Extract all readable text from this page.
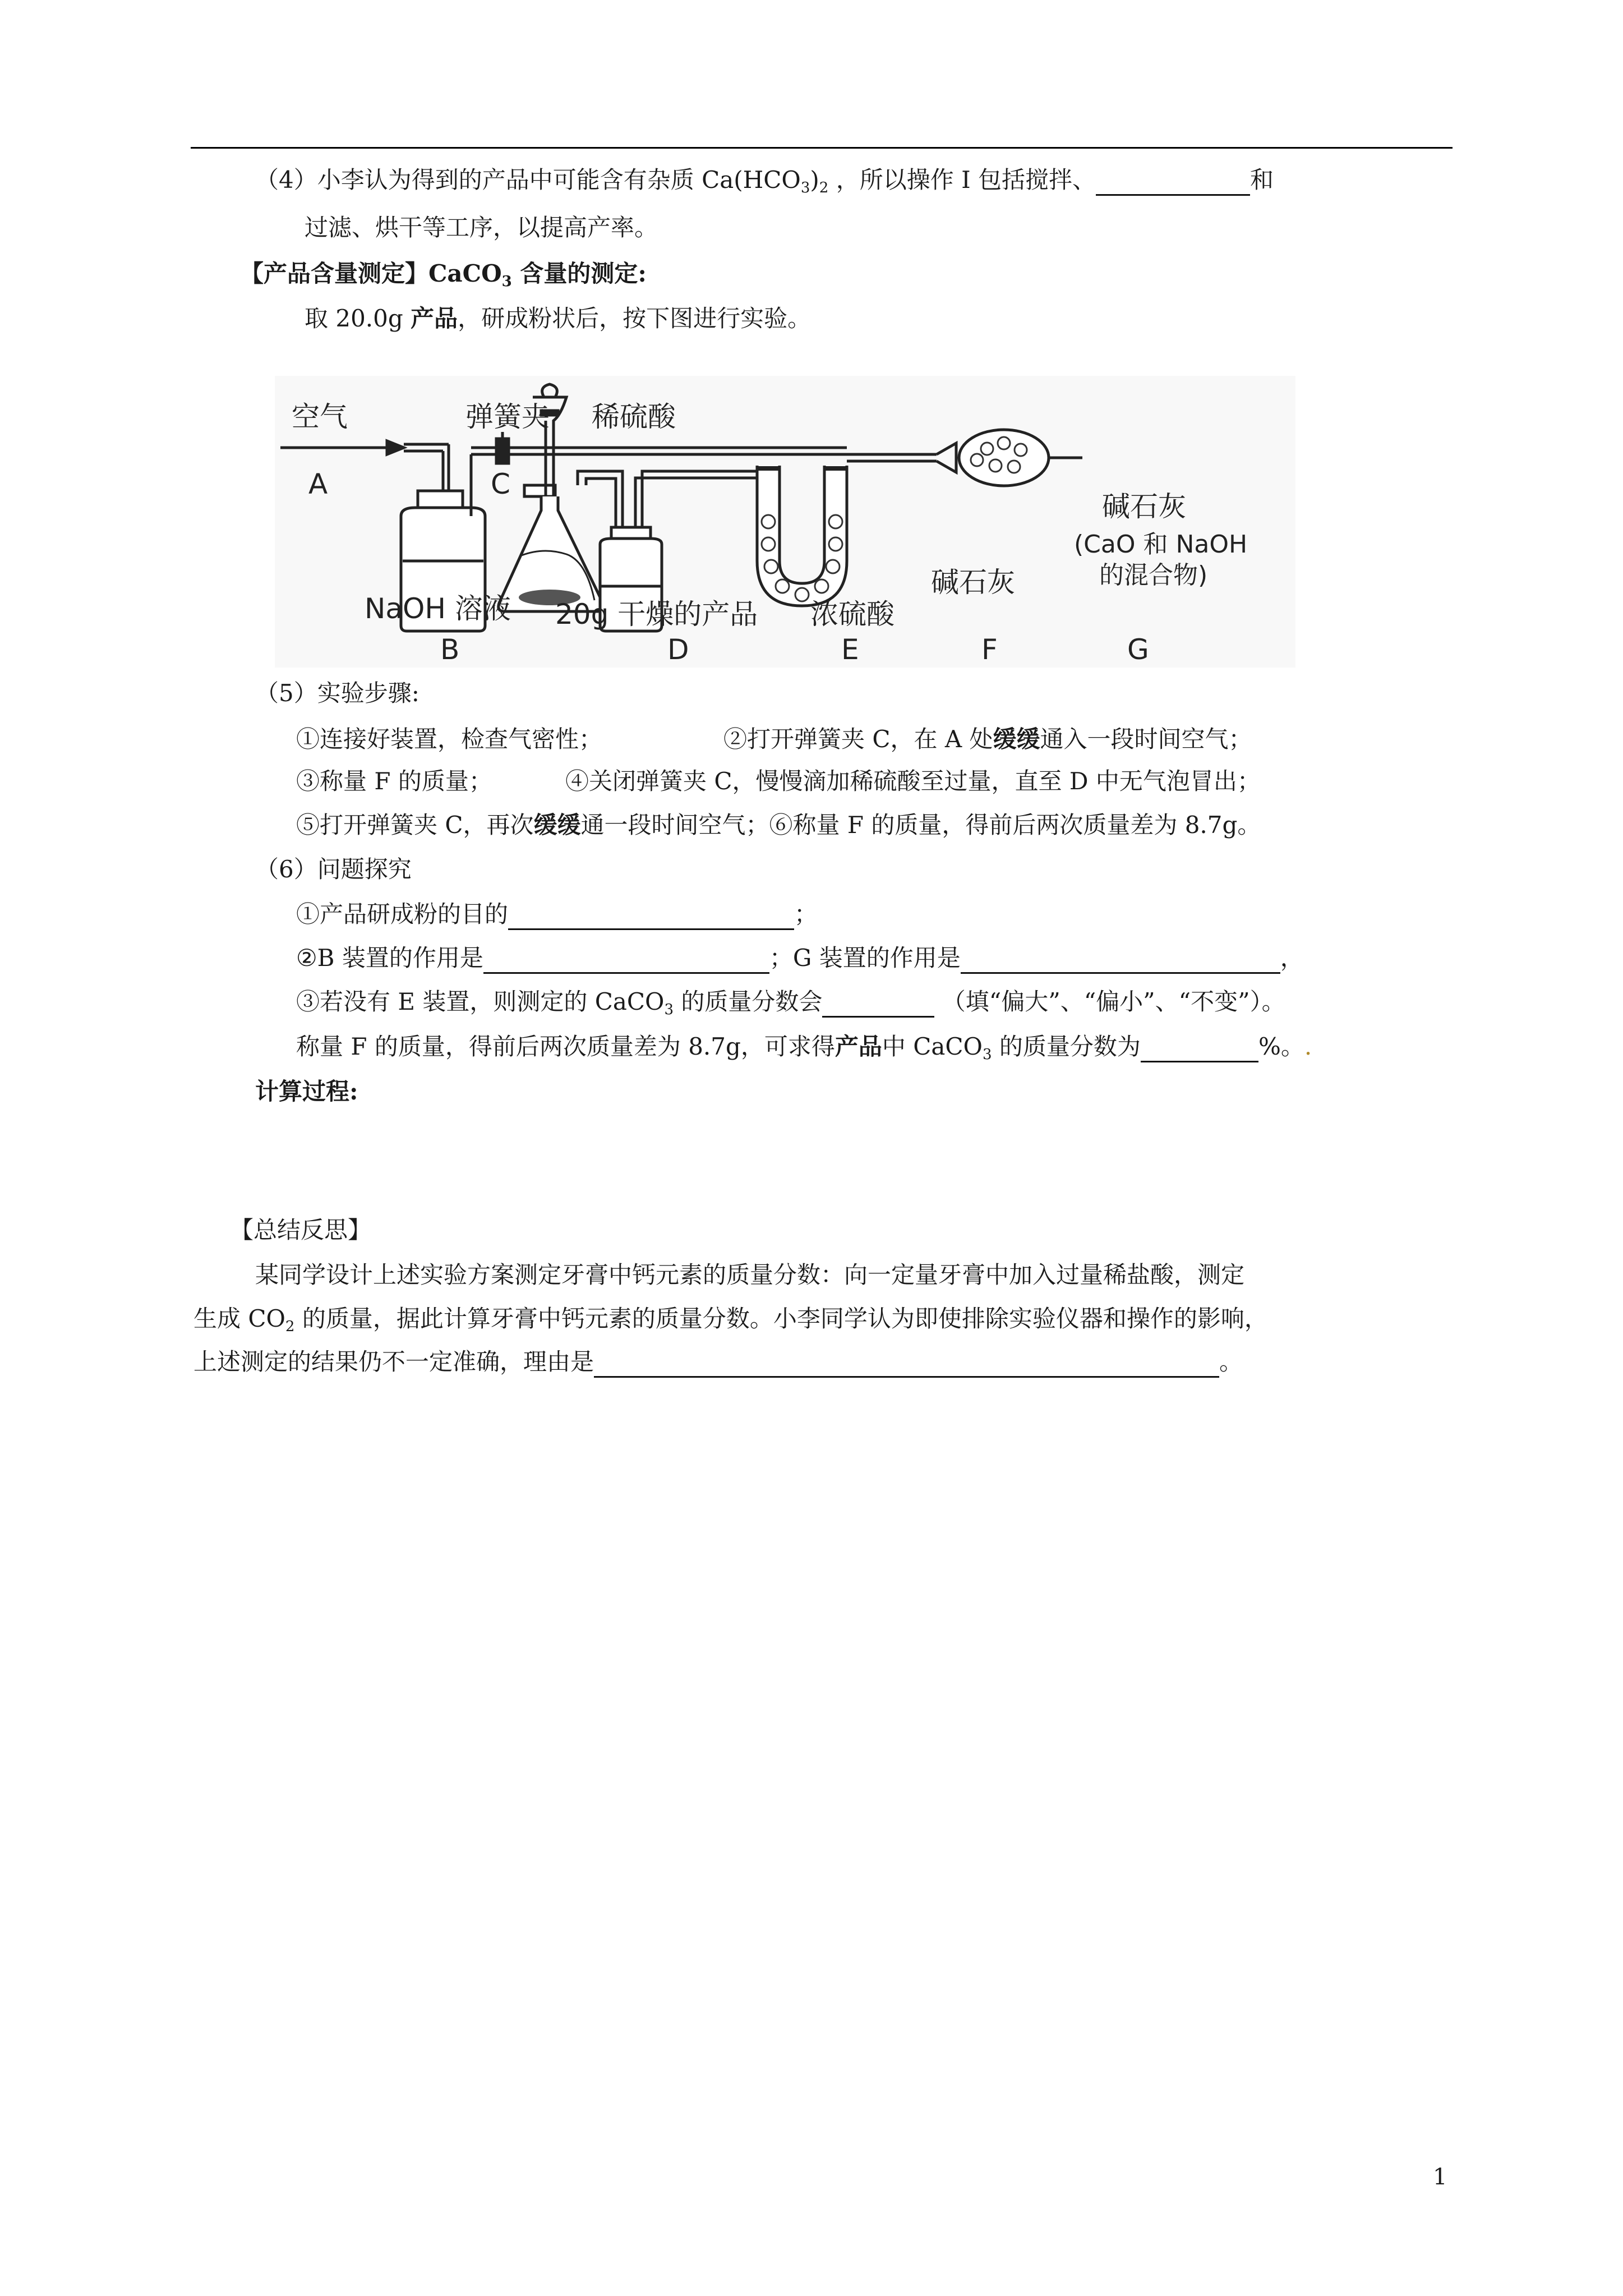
（4）小李认为得到的产品中可能含有杂质 $Ca(HCO_3)_2$ ，所以操作 I 包括搅拌、	和
过滤、烘干等工序，以提高产率。
【产品含量测定】CaCO$_3$ 含量的测定:
取 20.0g 产品，研成粉状后，按下图进行实验。
空气
A
弹簧夹
C
稀硫酸
NaOH 溶液
B
20g 干燥的产品
D
浓硫酸
E
碱石灰
F
碱石灰
(CaO 和 NaOH
的混合物)
G
（5）实验步骤:
①连接好装置，检查气密性；	②打开弹簧夹 C，在 A 处缓缓通入一段时间空气；
③称量 F 的质量；	④关闭弹簧夹 C，慢慢滴加稀硫酸至过量，直至 D 中无气泡冒出；
⑤打开弹簧夹 C，再次缓缓通一段时间空气；⑥称量 F 的质量，得前后两次质量差为 8.7g。
（6）问题探究
①产品研成粉的目的	；
②B 装置的作用是	；G 装置的作用是	，
③若没有 E 装置，则测定的 CaCO$_3$ 的质量分数会	（填“偏大”、“偏小”、“不变”）。
称量 F 的质量，得前后两次质量差为 8.7g，可求得产品中 CaCO$_3$ 的质量分数为	%。.
计算过程:
【总结反思】
某同学设计上述实验方案测定牙膏中钙元素的质量分数：向一定量牙膏中加入过量稀盐酸，测定
生成 $CO_2$ 的质量，据此计算牙膏中钙元素的质量分数。小李同学认为即使排除实验仪器和操作的影响，
上述测定的结果仍不一定准确，理由是	。
1
